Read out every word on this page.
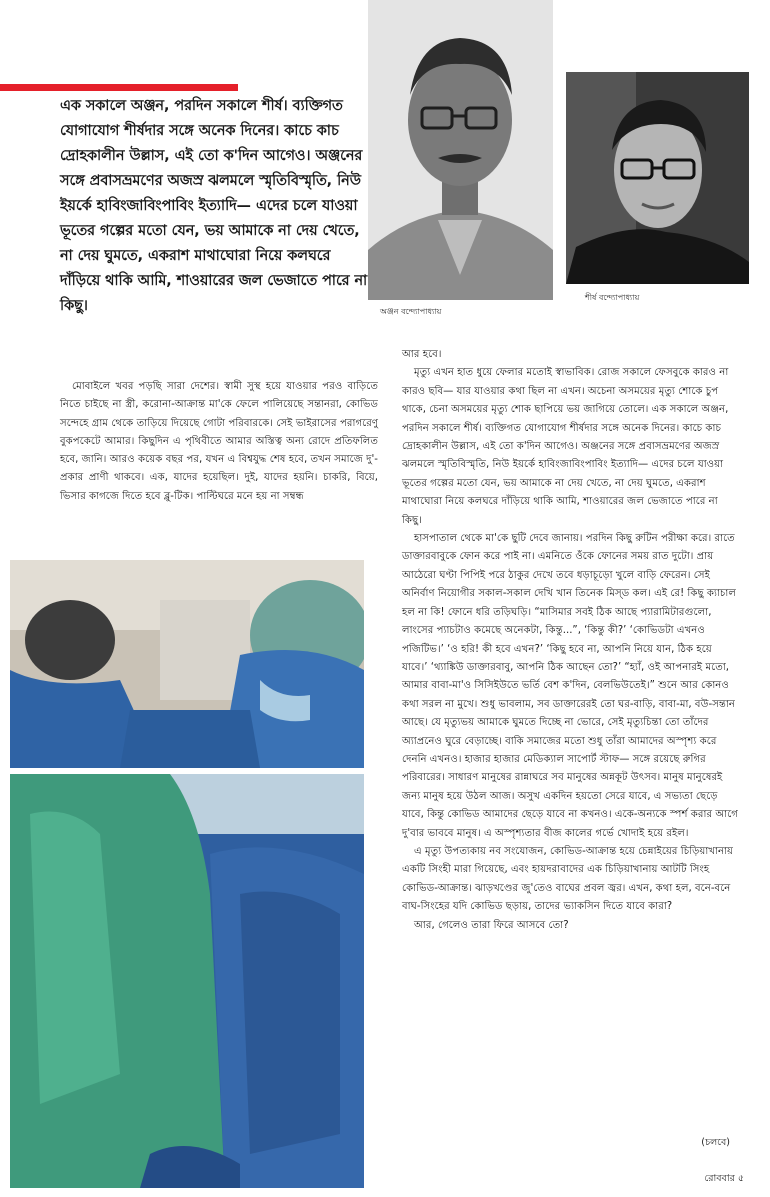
এক সকালে অঞ্জন, পরদিন সকালে শীর্ষ। ব্যক্তিগত যোগাযোগ শীর্ষদার সঙ্গে অনেক দিনের। কাচে কাচ দ্রোহকালীন উল্লাস, এই তো ক'দিন আগেও। অঞ্জনের সঙ্গে প্রবাসভ্রমণের অজস্র ঝলমলে স্মৃতিবিস্মৃতি, নিউ ইয়র্কে হাবিংজাবিংপাবিং ইত্যাদি— এদের চলে যাওয়া ভূতের গল্পের মতো যেন, ভয় আমাকে না দেয় খেতে, না দেয় ঘুমতে, একরাশ মাথাঘোরা নিয়ে কলঘরে দাঁড়িয়ে থাকি আমি, শাওয়ারের জল ভেজাতে পারে না কিছু।	অঞ্জন বন্দ্যোপাধ্যায়
শীর্ষ বন্দ্যোপাধ্যায়

মোবাইলে খবর পড়ছি সারা দেশের। স্বামী সুস্থ হয়ে যাওয়ার পরও বাড়িতে নিতে চাইছে না স্ত্রী, করোনা-আক্রান্ত মা'কে ফেলে পালিয়েছে সন্তানরা, কোভিড সন্দেহে গ্রাম থেকে তাড়িয়ে দিয়েছে গোটা পরিবারকে। সেই ভাইরাসের পরাগরেণু বুকপকেটে আমার। কিছুদিন এ পৃথিবীতে আমার অস্তিত্ব অন্য রোদে প্রতিফলিত হবে, জানি। আরও কয়েক বছর পর, যখন এ বিশ্বযুদ্ধ শেষ হবে, তখন সমাজে দু'-প্রকার প্রাণী থাকবে। এক, যাদের হয়েছিল। দুই, যাদের হয়নি। চাকরি, বিয়ে, ভিসার কাগজে দিতে হবে ব্লু-টিক। পাল্টিঘরে মনে হয় না সম্বন্ধ

আর হবে।

মৃত্যু এখন হাত ধুয়ে ফেলার মতোই স্বাভাবিক। রোজ সকালে ফেসবুকে কারও না কারও ছবি— যার যাওয়ার কথা ছিল না এখন। অচেনা অসময়ের মৃত্যু শোকে চুপ থাকে, চেনা অসময়ের মৃত্যু শোক ছাপিয়ে ভয় জাগিয়ে তোলে। এক সকালে অঞ্জন, পরদিন সকালে শীর্ষ। ব্যক্তিগত যোগাযোগ শীর্ষদার সঙ্গে অনেক দিনের। কাচে কাচ দ্রোহকালীন উল্লাস, এই তো ক'দিন আগেও। অঞ্জনের সঙ্গে প্রবাসভ্রমণের অজস্র ঝলমলে স্মৃতিবিস্মৃতি, নিউ ইয়র্কে হাবিংজাবিংপাবিং ইত্যাদি— এদের চলে যাওয়া ভূতের গল্পের মতো যেন, ভয় আমাকে না দেয় খেতে, না দেয় ঘুমতে, একরাশ মাথাঘোরা নিয়ে কলঘরে দাঁড়িয়ে থাকি আমি, শাওয়ারের জল ভেজাতে পারে না কিছু।

হাসপাতাল থেকে মা'কে ছুটি দেবে জানায়। পরদিন কিছু রুটিন পরীক্ষা করে। রাতে ডাক্তারবাবুকে ফোন করে পাই না। এমনিতে ওঁকে ফোনের সময় রাত দুটো। প্রায় আঠেরো ঘণ্টা পিপিই পরে ঠাকুর দেখে তবে ধড়াচূড়ো খুলে বাড়ি ফেরেন। সেই অনির্বাণ নিয়োগীর সকাল-সকাল দেখি খান তিনেক মিস্‌ড কল। এই রে! কিছু ক্যাচাল হল না কি! ফোনে ধরি তড়িঘড়ি। “মাসিমার সবই ঠিক আছে প্যারামিটারগুলো, লাংসের প্যাচটাও কমেছে অনেকটা, কিন্তু...”, ‘কিন্তু কী?’ ‘কোভিডটা এখনও পজিটিভ।’ ‘ও হরি! কী হবে এখন?’ ‘কিছু হবে না, আপনি নিয়ে যান, ঠিক হয়ে যাবে।’ ‘থ্যাঙ্কিউ ডাক্তারবাবু, আপনি ঠিক আছেন তো?’ “হ্যাঁ, ওই আপনারই মতো, আমার বাবা-মা'ও সিসিইউতে ভর্তি বেশ ক'দিন, বেলভিউতেই।” শুনে আর কোনও কথা সরল না মুখে। শুধু ভাবলাম, সব ডাক্তারেরই তো ঘর-বাড়ি, বাবা-মা, বউ-সন্তান আছে। যে মৃত্যুভয় আমাকে ঘুমতে দিচ্ছে না ভোরে, সেই মৃত্যুচিন্তা তো তাঁদের অ্যাপ্রনেও ঘুরে বেড়াচ্ছে। বাকি সমাজের মতো শুধু তাঁরা আমাদের অস্পৃশ্য করে দেননি এখনও। হাজার হাজার মেডিক্যাল সাপোর্ট স্টাফ— সঙ্গে রয়েছে রুগির পরিবারের। সাধারণ মানুষের রান্নাঘরে সব মানুষের অন্নকূট উৎসব। মানুষ মানুষেরই জন্য মানুষ হয়ে উঠল আজ। অসুখ একদিন হয়তো সেরে যাবে, এ সভ্যতা ছেড়ে যাবে, কিন্তু কোভিড আমাদের ছেড়ে যাবে না কখনও। একে-অন্যকে স্পর্শ করার আগে দু'বার ভাববে মানুষ। এ অস্পৃশ্যতার বীজ কালের গর্ভে খোদাই হয়ে রইল।

এ মৃত্যু উপত্যকায় নব সংযোজন, কোভিড-আক্রান্ত হয়ে চেন্নাইয়ের চিড়িয়াখানায় একটি সিংহী মারা গিয়েছে, এবং হায়দরাবাদের এক চিড়িয়াখানায় আটটি সিংহ কোভিড-আক্রান্ত। ঝাড়খণ্ডের জু'তেও বাঘের প্রবল জ্বর। এখন, কথা হল, বনে-বনে বাঘ-সিংহের যদি কোভিড ছড়ায়, তাদের ভ্যাকসিন দিতে যাবে কারা?

আর, গেলেও তারা ফিরে আসবে তো?

(চলবে)
রোববার ৫
